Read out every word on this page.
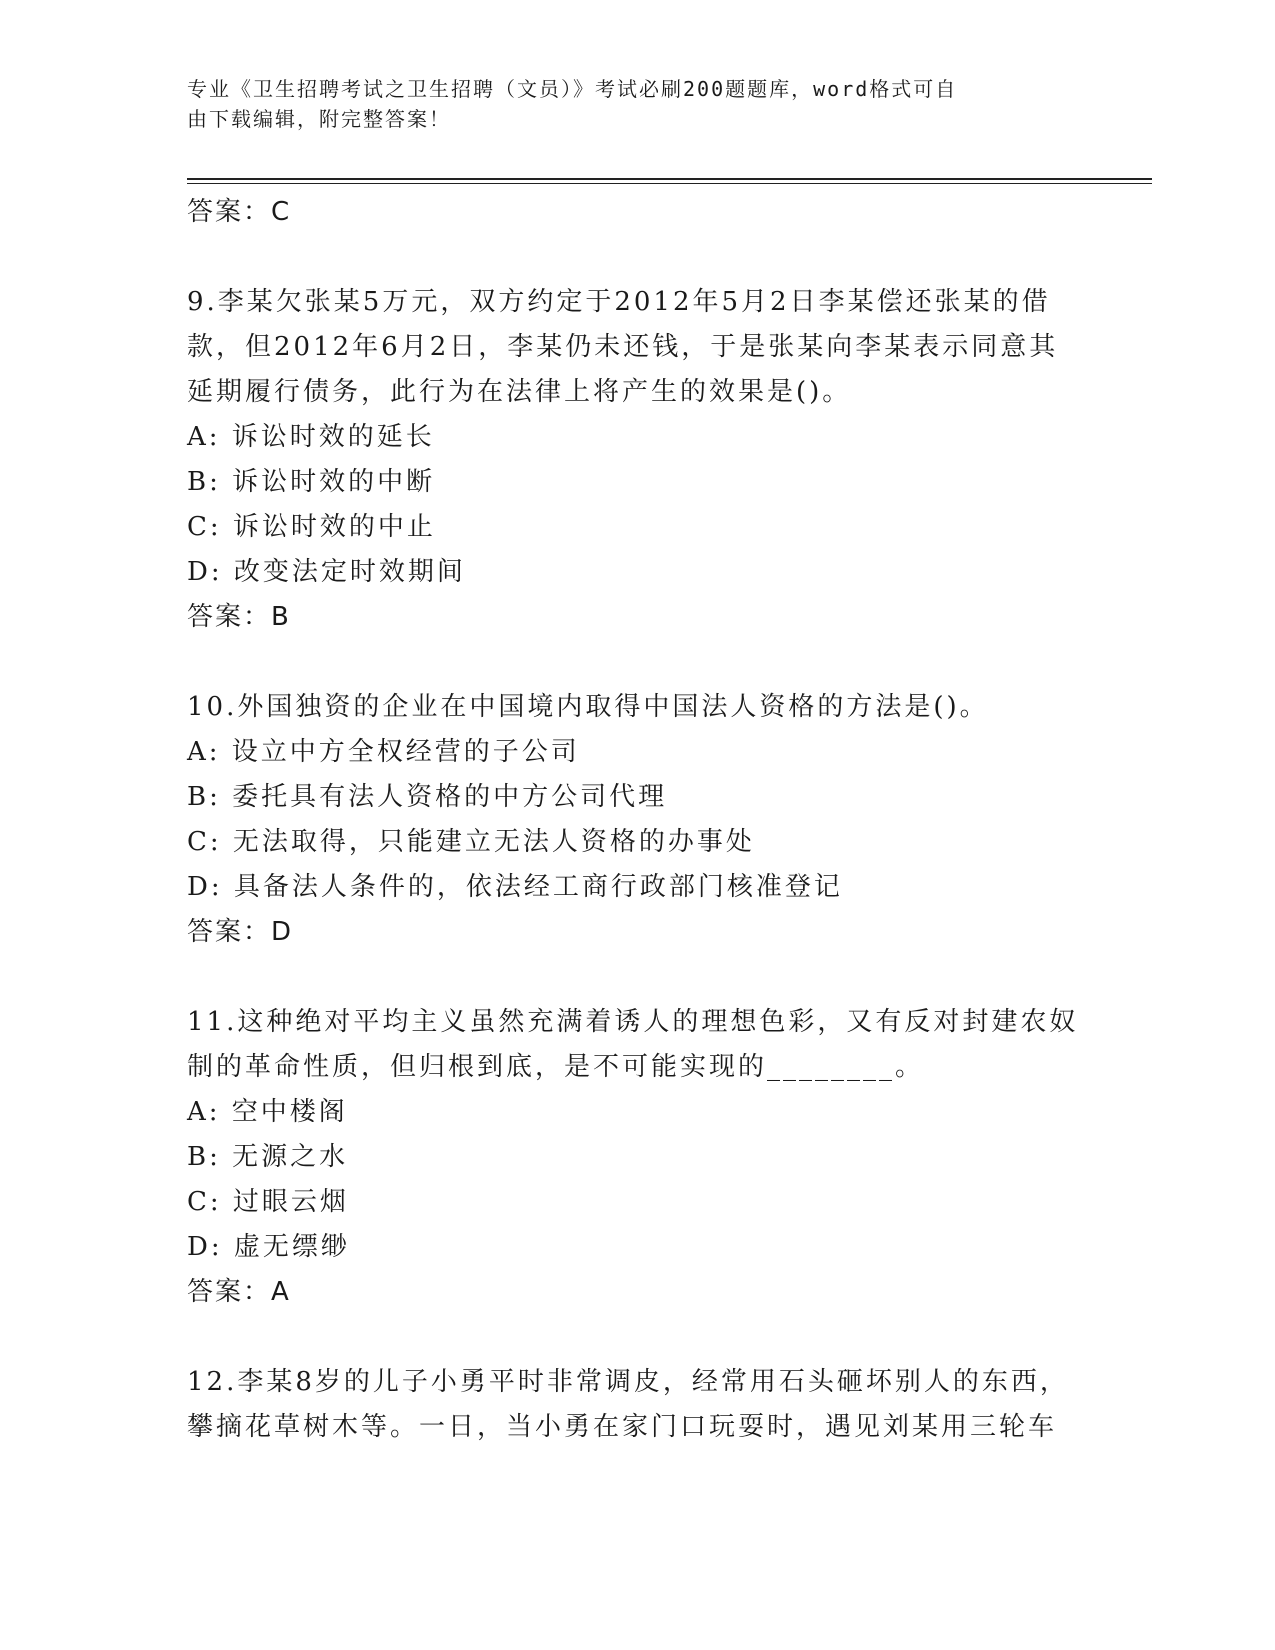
专业《卫生招聘考试之卫生招聘（文员）》考试必刷200题题库，word格式可自
由下载编辑，附完整答案！
答案：C
9.李某欠张某5万元，双方约定于2012年5月2日李某偿还张某的借
款，但2012年6月2日，李某仍未还钱，于是张某向李某表示同意其
延期履行债务，此行为在法律上将产生的效果是()。
A: 诉讼时效的延长
B: 诉讼时效的中断
C: 诉讼时效的中止
D: 改变法定时效期间
答案：B
10.外国独资的企业在中国境内取得中国法人资格的方法是()。
A: 设立中方全权经营的子公司
B: 委托具有法人资格的中方公司代理
C: 无法取得，只能建立无法人资格的办事处
D: 具备法人条件的，依法经工商行政部门核准登记
答案：D
11.这种绝对平均主义虽然充满着诱人的理想色彩，又有反对封建农奴
制的革命性质，但归根到底，是不可能实现的________。
A: 空中楼阁
B: 无源之水
C: 过眼云烟
D: 虚无缥缈
答案：A
12.李某8岁的儿子小勇平时非常调皮，经常用石头砸坏别人的东西，
攀摘花草树木等。一日，当小勇在家门口玩耍时，遇见刘某用三轮车
